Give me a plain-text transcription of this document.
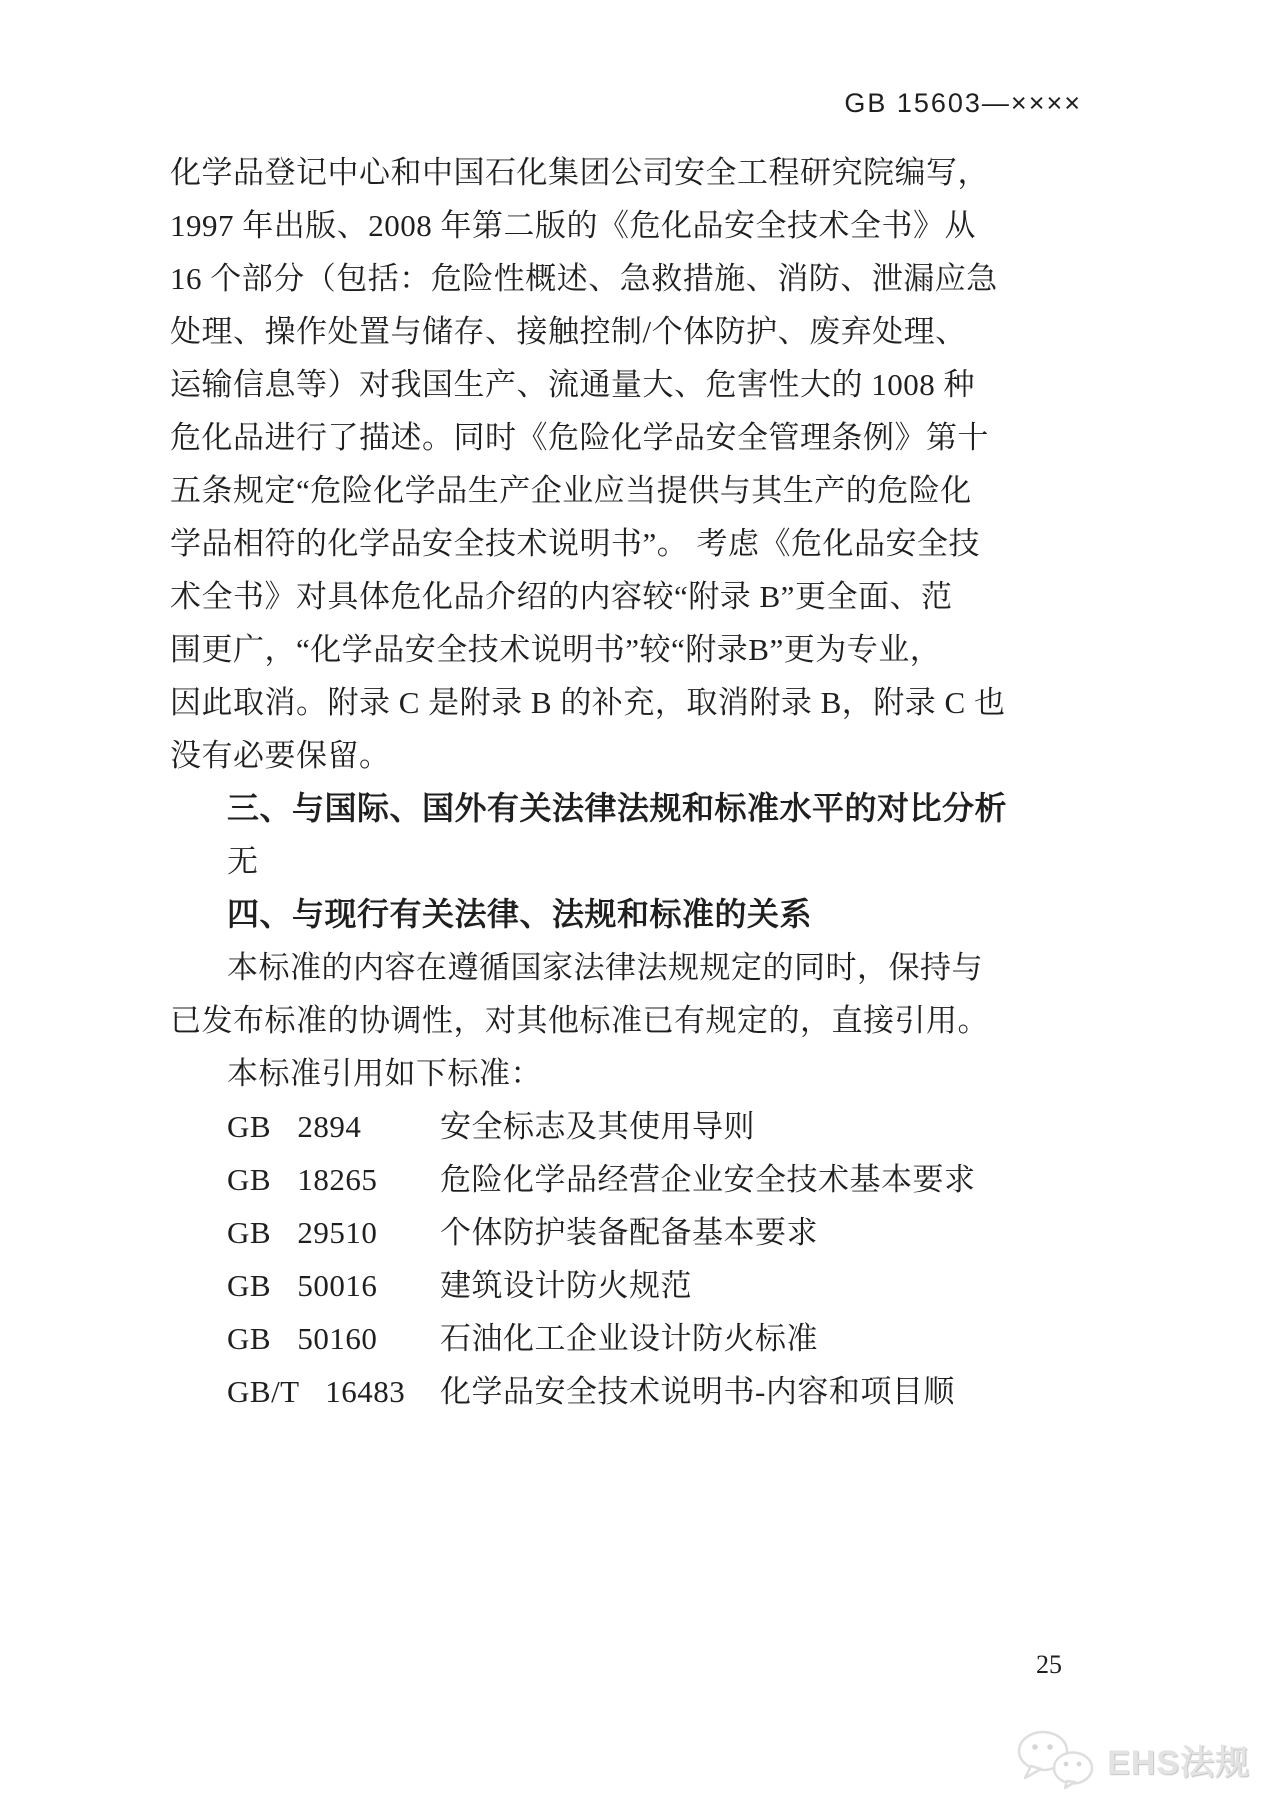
GB 15603—××××
化学品登记中心和中国石化集团公司安全工程研究院编写，
1997 年出版、2008 年第二版的《危化品安全技术全书》从
16 个部分（包括：危险性概述、急救措施、消防、泄漏应急
处理、操作处置与储存、接触控制/个体防护、废弃处理、
运输信息等）对我国生产、流通量大、危害性大的 1008 种
危化品进行了描述。同时《危险化学品安全管理条例》第十
五条规定“危险化学品生产企业应当提供与其生产的危险化
学品相符的化学品安全技术说明书”。 考虑《危化品安全技
术全书》对具体危化品介绍的内容较“附录 B”更全面、范
围更广，“化学品安全技术说明书”较“附录B”更为专业，
因此取消。附录 C 是附录 B 的补充，取消附录 B，附录 C 也
没有必要保留。
三、与国际、国外有关法律法规和标准水平的对比分析
无
四、与现行有关法律、法规和标准的关系
本标准的内容在遵循国家法律法规规定的同时，保持与
已发布标准的协调性，对其他标准已有规定的，直接引用。
本标准引用如下标准：
GB 2894	安全标志及其使用导则
GB 18265 危险化学品经营企业安全技术基本要求
GB 29510 个体防护装备配备基本要求
GB 50016 建筑设计防火规范
GB 50160 石油化工企业设计防火标准
GB/T 16483 化学品安全技术说明书-内容和项目顺
25
EHS法规
